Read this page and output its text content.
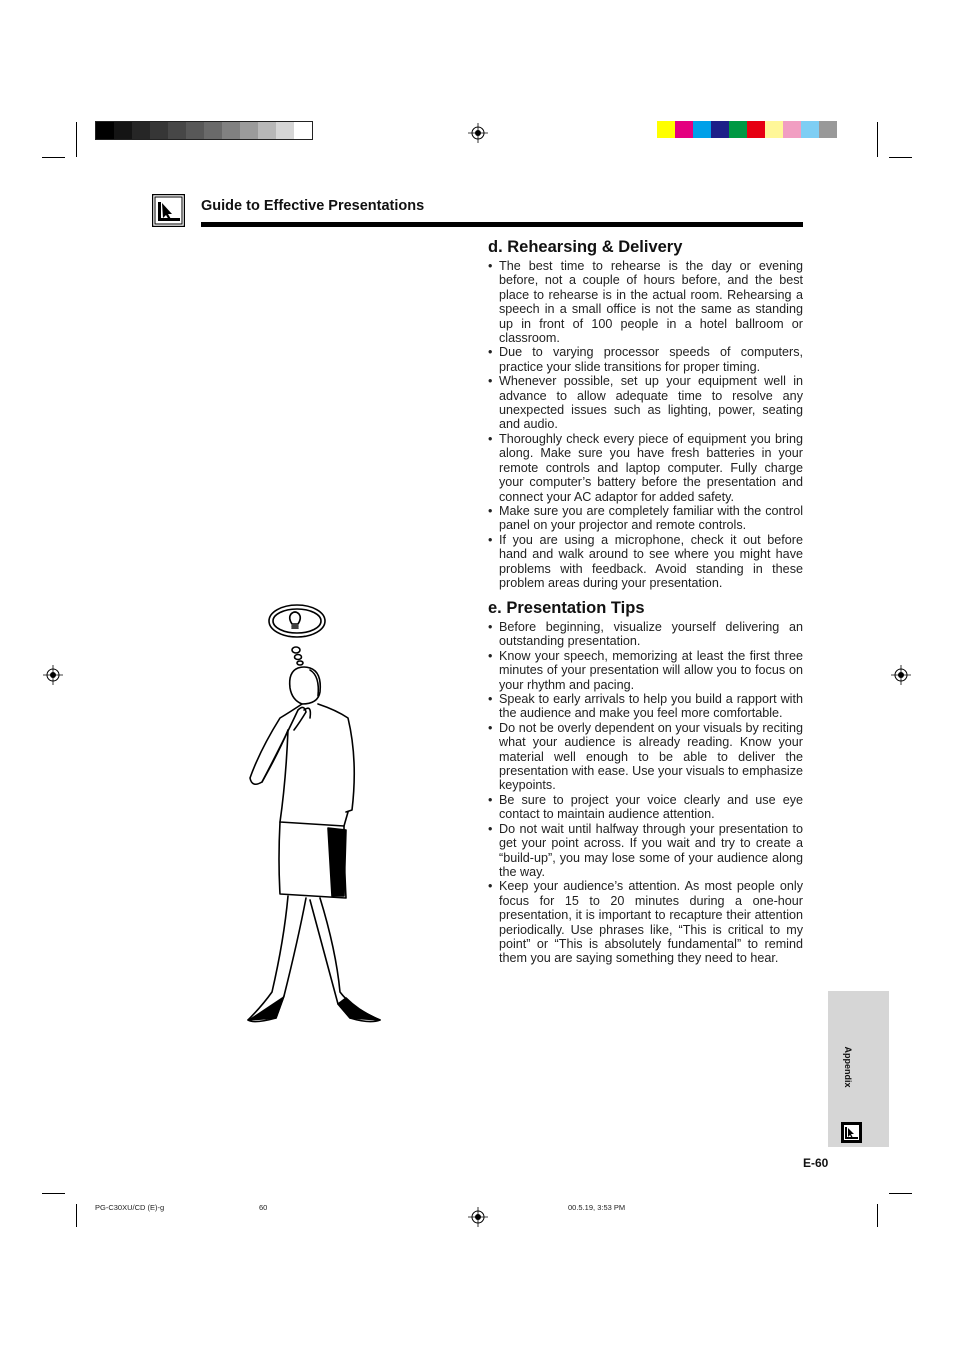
Guide to Effective Presentations
d. Rehearsing & Delivery
• The best time to rehearse is the day or evening before, not a couple of hours before, and the best place to rehearse is in the actual room. Rehearsing a speech in a small office is not the same as standing up in front of 100 people in a hotel ballroom or classroom.
• Due to varying processor speeds of computers, practice your slide transitions for proper timing.
• Whenever possible, set up your equipment well in advance to allow adequate time to resolve any unexpected issues such as lighting, power, seating and audio.
• Thoroughly check every piece of equipment you bring along. Make sure you have fresh batteries in your remote controls and laptop computer. Fully charge your computer’s battery before the presentation and connect your AC adaptor for added safety.
• Make sure you are completely familiar with the control panel on your projector and remote controls.
• If you are using a microphone, check it out before hand and walk around to see where you might have problems with feedback. Avoid standing in these problem areas during your presentation.
e. Presentation Tips
• Before beginning, visualize yourself delivering an outstanding presentation.
• Know your speech, memorizing at least the first three minutes of your presentation will allow you to focus on your rhythm and pacing.
• Speak to early arrivals to help you build a rapport with the audience and make you feel more comfortable.
• Do not be overly dependent on your visuals by reciting what your audience is already reading. Know your material well enough to be able to deliver the presentation with ease. Use your visuals to emphasize keypoints.
• Be sure to project your voice clearly and use eye contact to maintain audience attention.
• Do not wait until halfway through your presentation to get your point across. If you wait and try to create a “build-up”, you may lose some of your audience along the way.
• Keep your audience’s attention. As most people only focus for 15 to 20 minutes during a one-hour presentation, it is important to recapture their attention periodically. Use phrases like, “This is critical to my point” or “This is absolutely fundamental” to remind them you are saying something they need to hear.
Appendix
E-60
PG-C30XU/CD (E)-g	60	00.5.19, 3:53 PM
